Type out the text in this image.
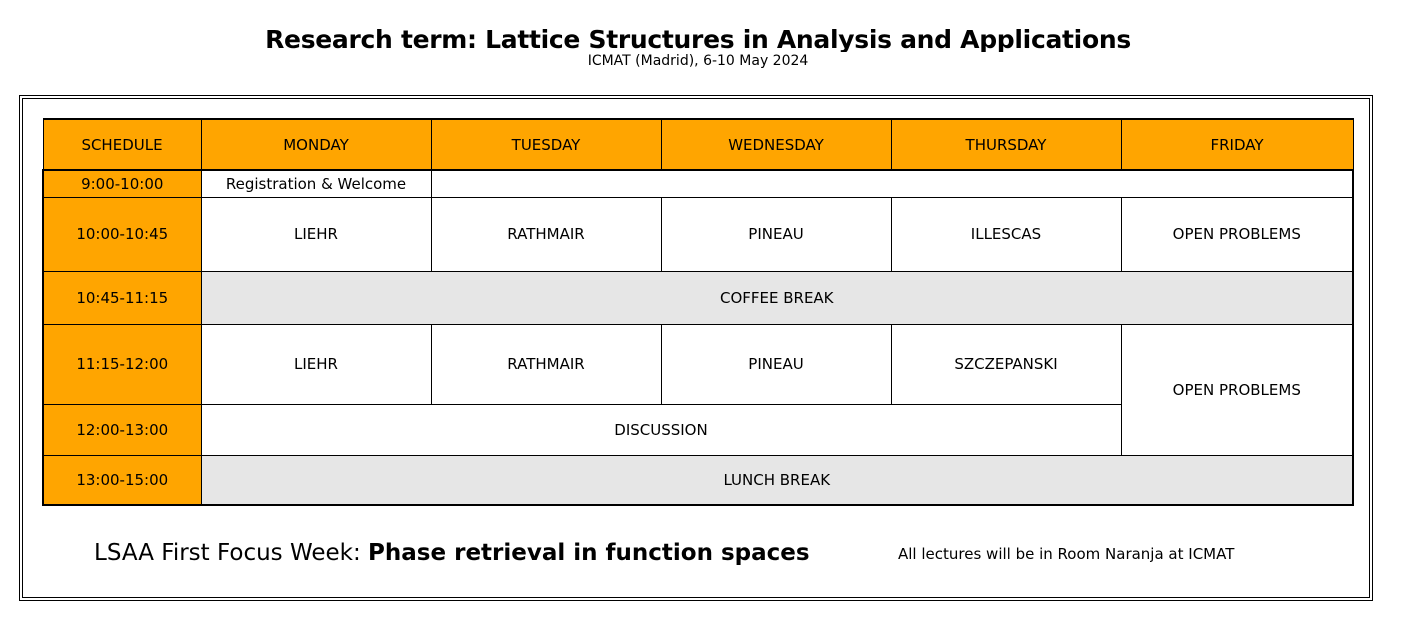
Research term: Lattice Structures in Analysis and Applications
ICMAT (Madrid), 6-10 May 2024
SCHEDULE	MONDAY	TUESDAY	WEDNESDAY	THURSDAY	FRIDAY
9:00-10:00	Registration & Welcome				
10:00-10:45	LIEHR	RATHMAIR	PINEAU	ILLESCAS	OPEN PROBLEMS
10:45-11:15	COFFEE BREAK				
11:15-12:00	LIEHR	RATHMAIR	PINEAU	SZCZEPANSKI	OPEN PROBLEMS
12:00-13:00	DISCUSSION				
13:00-15:00	LUNCH BREAK				
LSAA First Focus Week: Phase retrieval in function spaces	All lectures will be in Room Naranja at ICMAT
